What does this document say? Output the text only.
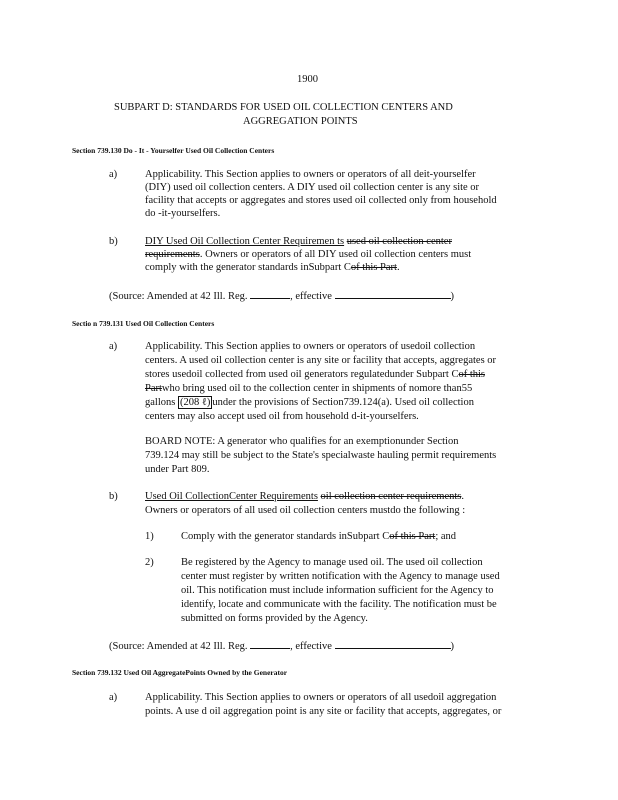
1900
SUBPART D: STANDARDS FOR USED OIL COLLECTION CENTERS AND
AGGREGATION POINTS
Section 739.130 Do - It - Yourselfer Used Oil Collection Centers
a)	Applicability. This Section applies to owners or operators of all deit-yourselfer
(DIY) used oil collection centers. A DIY used oil collection center is any site or
facility that accepts or aggregates and stores used oil collected only from household
do -it-yourselfers.
b)	DIY Used Oil Collection Center Requiremen ts used oil collection center
requirements. Owners or operators of all DIY used oil collection centers must
comply with the generator standards inSubpart Cof this Part.
(Source: Amended at 42 Ill. Reg.	, effective	)
Sectio n 739.131 Used Oil Collection Centers
a)	Applicability. This Section applies to owners or operators of usedoil collection
centers. A used oil collection center is any site or facility that accepts, aggregates or
stores usedoil collected from used oil generators regulatedunder Subpart Cof this
Partwho bring used oil to the collection center in shipments of nomore than55
gallons (208 ℓ) under the provisions of Section739.124(a). Used oil collection
centers may also accept used oil from household d-it-yourselfers.
BOARD NOTE: A generator who qualifies for an exemptionunder Section
739.124 may still be subject to the State's specialwaste hauling permit requirements
under Part 809.
b)	Used Oil CollectionCenter Requirements oil collection center requirements.
Owners or operators of all used oil collection centers mustdo the following :
1)	Comply with the generator standards inSubpart Cof this Part; and
2)	Be registered by the Agency to manage used oil. The used oil collection
center must register by written notification with the Agency to manage used
oil. This notification must include information sufficient for the Agency to
identify, locate and communicate with the facility. The notification must be
submitted on forms provided by the Agency.
(Source: Amended at 42 Ill. Reg.	, effective	)
Section 739.132 Used Oil AggregatePoints Owned by the Generator
a)	Applicability. This Section applies to owners or operators of all usedoil aggregation
points. A use d oil aggregation point is any site or facility that accepts, aggregates, or
